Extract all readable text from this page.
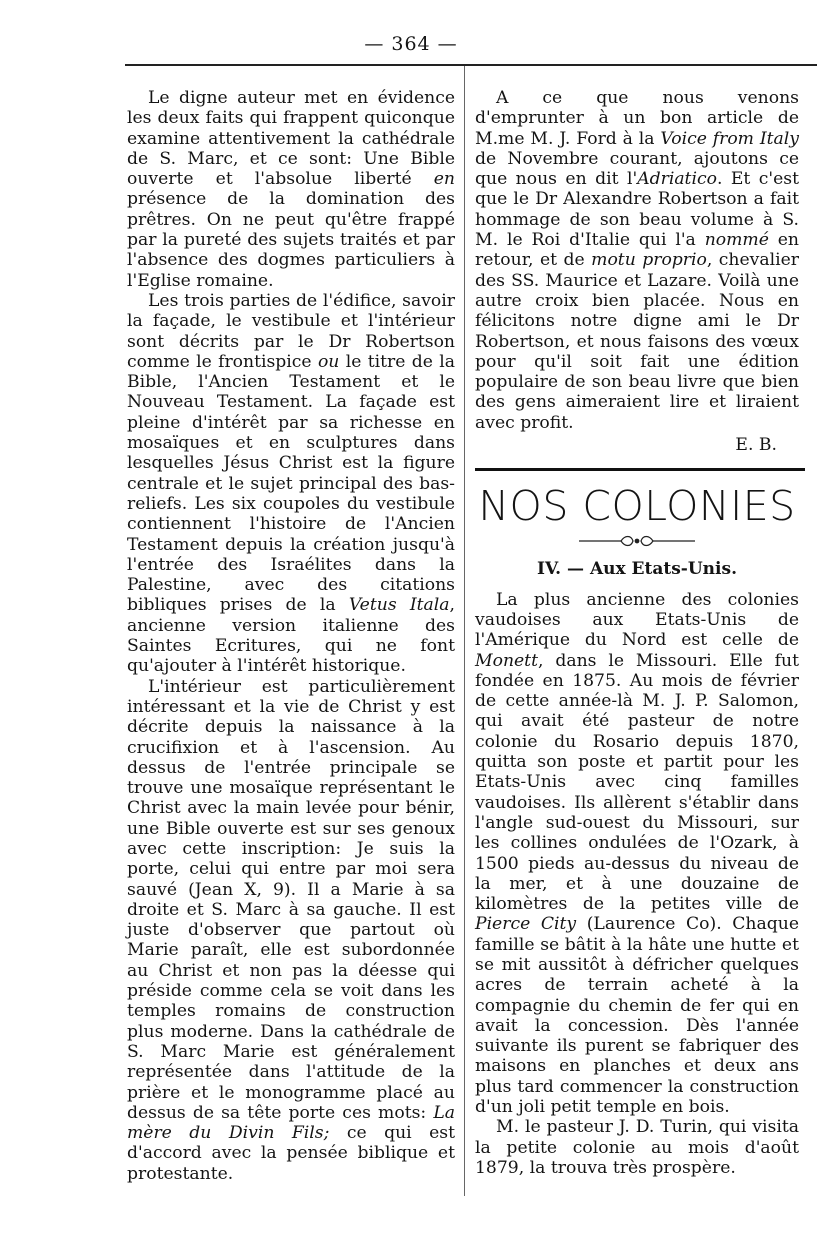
— 364 —

Le digne auteur met en évidence les deux faits qui frappent quiconque examine attentivement la cathédrale de S. Marc, et ce sont: Une Bible ouverte et l'absolue liberté en présence de la domination des prêtres. On ne peut qu'être frappé par la pureté des sujets traités et par l'absence des dogmes particuliers à l'Eglise romaine.

Les trois parties de l'édifice, savoir la façade, le vestibule et l'intérieur sont décrits par le Dr Robertson comme le frontispice ou le titre de la Bible, l'Ancien Testament et le Nouveau Testament. La façade est pleine d'intérêt par sa richesse en mosaïques et en sculptures dans lesquelles Jésus Christ est la figure centrale et le sujet principal des bas-reliefs. Les six coupoles du vestibule contiennent l'histoire de l'Ancien Testament depuis la création jusqu'à l'entrée des Israélites dans la Palestine, avec des citations bibliques prises de la Vetus Itala, ancienne version italienne des Saintes Ecritures, qui ne font qu'ajouter à l'intérêt historique.

L'intérieur est particulièrement intéressant et la vie de Christ y est décrite depuis la naissance à la crucifixion et à l'ascension. Au dessus de l'entrée principale se trouve une mosaïque représentant le Christ avec la main levée pour bénir, une Bible ouverte est sur ses genoux avec cette inscription: Je suis la porte, celui qui entre par moi sera sauvé (Jean X, 9). Il a Marie à sa droite et S. Marc à sa gauche. Il est juste d'observer que partout où Marie paraît, elle est subordonnée au Christ et non pas la déesse qui préside comme cela se voit dans les temples romains de construction plus moderne. Dans la cathédrale de S. Marc Marie est généralement représentée dans l'attitude de la prière et le monogramme placé au dessus de sa tête porte ces mots: La mère du Divin Fils; ce qui est d'accord avec la pensée biblique et protestante.

A ce que nous venons d'emprunter à un bon article de M.me M. J. Ford à la Voice from Italy de Novembre courant, ajoutons ce que nous en dit l'Adriatico. Et c'est que le Dr Alexandre Robertson a fait hommage de son beau volume à S. M. le Roi d'Italie qui l'a nommé en retour, et de motu proprio, chevalier des SS. Maurice et Lazare. Voilà une autre croix bien placée. Nous en félicitons notre digne ami le Dr Robertson, et nous faisons des vœux pour qu'il soit fait une édition populaire de son beau livre que bien des gens aimeraient lire et liraient avec profit.

E. B.
NOS COLONIES
IV. — Aux Etats-Unis.

La plus ancienne des colonies vaudoises aux Etats-Unis de l'Amérique du Nord est celle de Monett, dans le Missouri. Elle fut fondée en 1875. Au mois de février de cette année-là M. J. P. Salomon, qui avait été pasteur de notre colonie du Rosario depuis 1870, quitta son poste et partit pour les Etats-Unis avec cinq familles vaudoises. Ils allèrent s'établir dans l'angle sud-ouest du Missouri, sur les collines ondulées de l'Ozark, à 1500 pieds au-dessus du niveau de la mer, et à une douzaine de kilomètres de la petites ville de Pierce City (Laurence Co). Chaque famille se bâtit à la hâte une hutte et se mit aussitôt à défricher quelques acres de terrain acheté à la compagnie du chemin de fer qui en avait la concession. Dès l'année suivante ils purent se fabriquer des maisons en planches et deux ans plus tard commencer la construction d'un joli petit temple en bois.

M. le pasteur J. D. Turin, qui visita la petite colonie au mois d'août 1879, la trouva très prospère.
